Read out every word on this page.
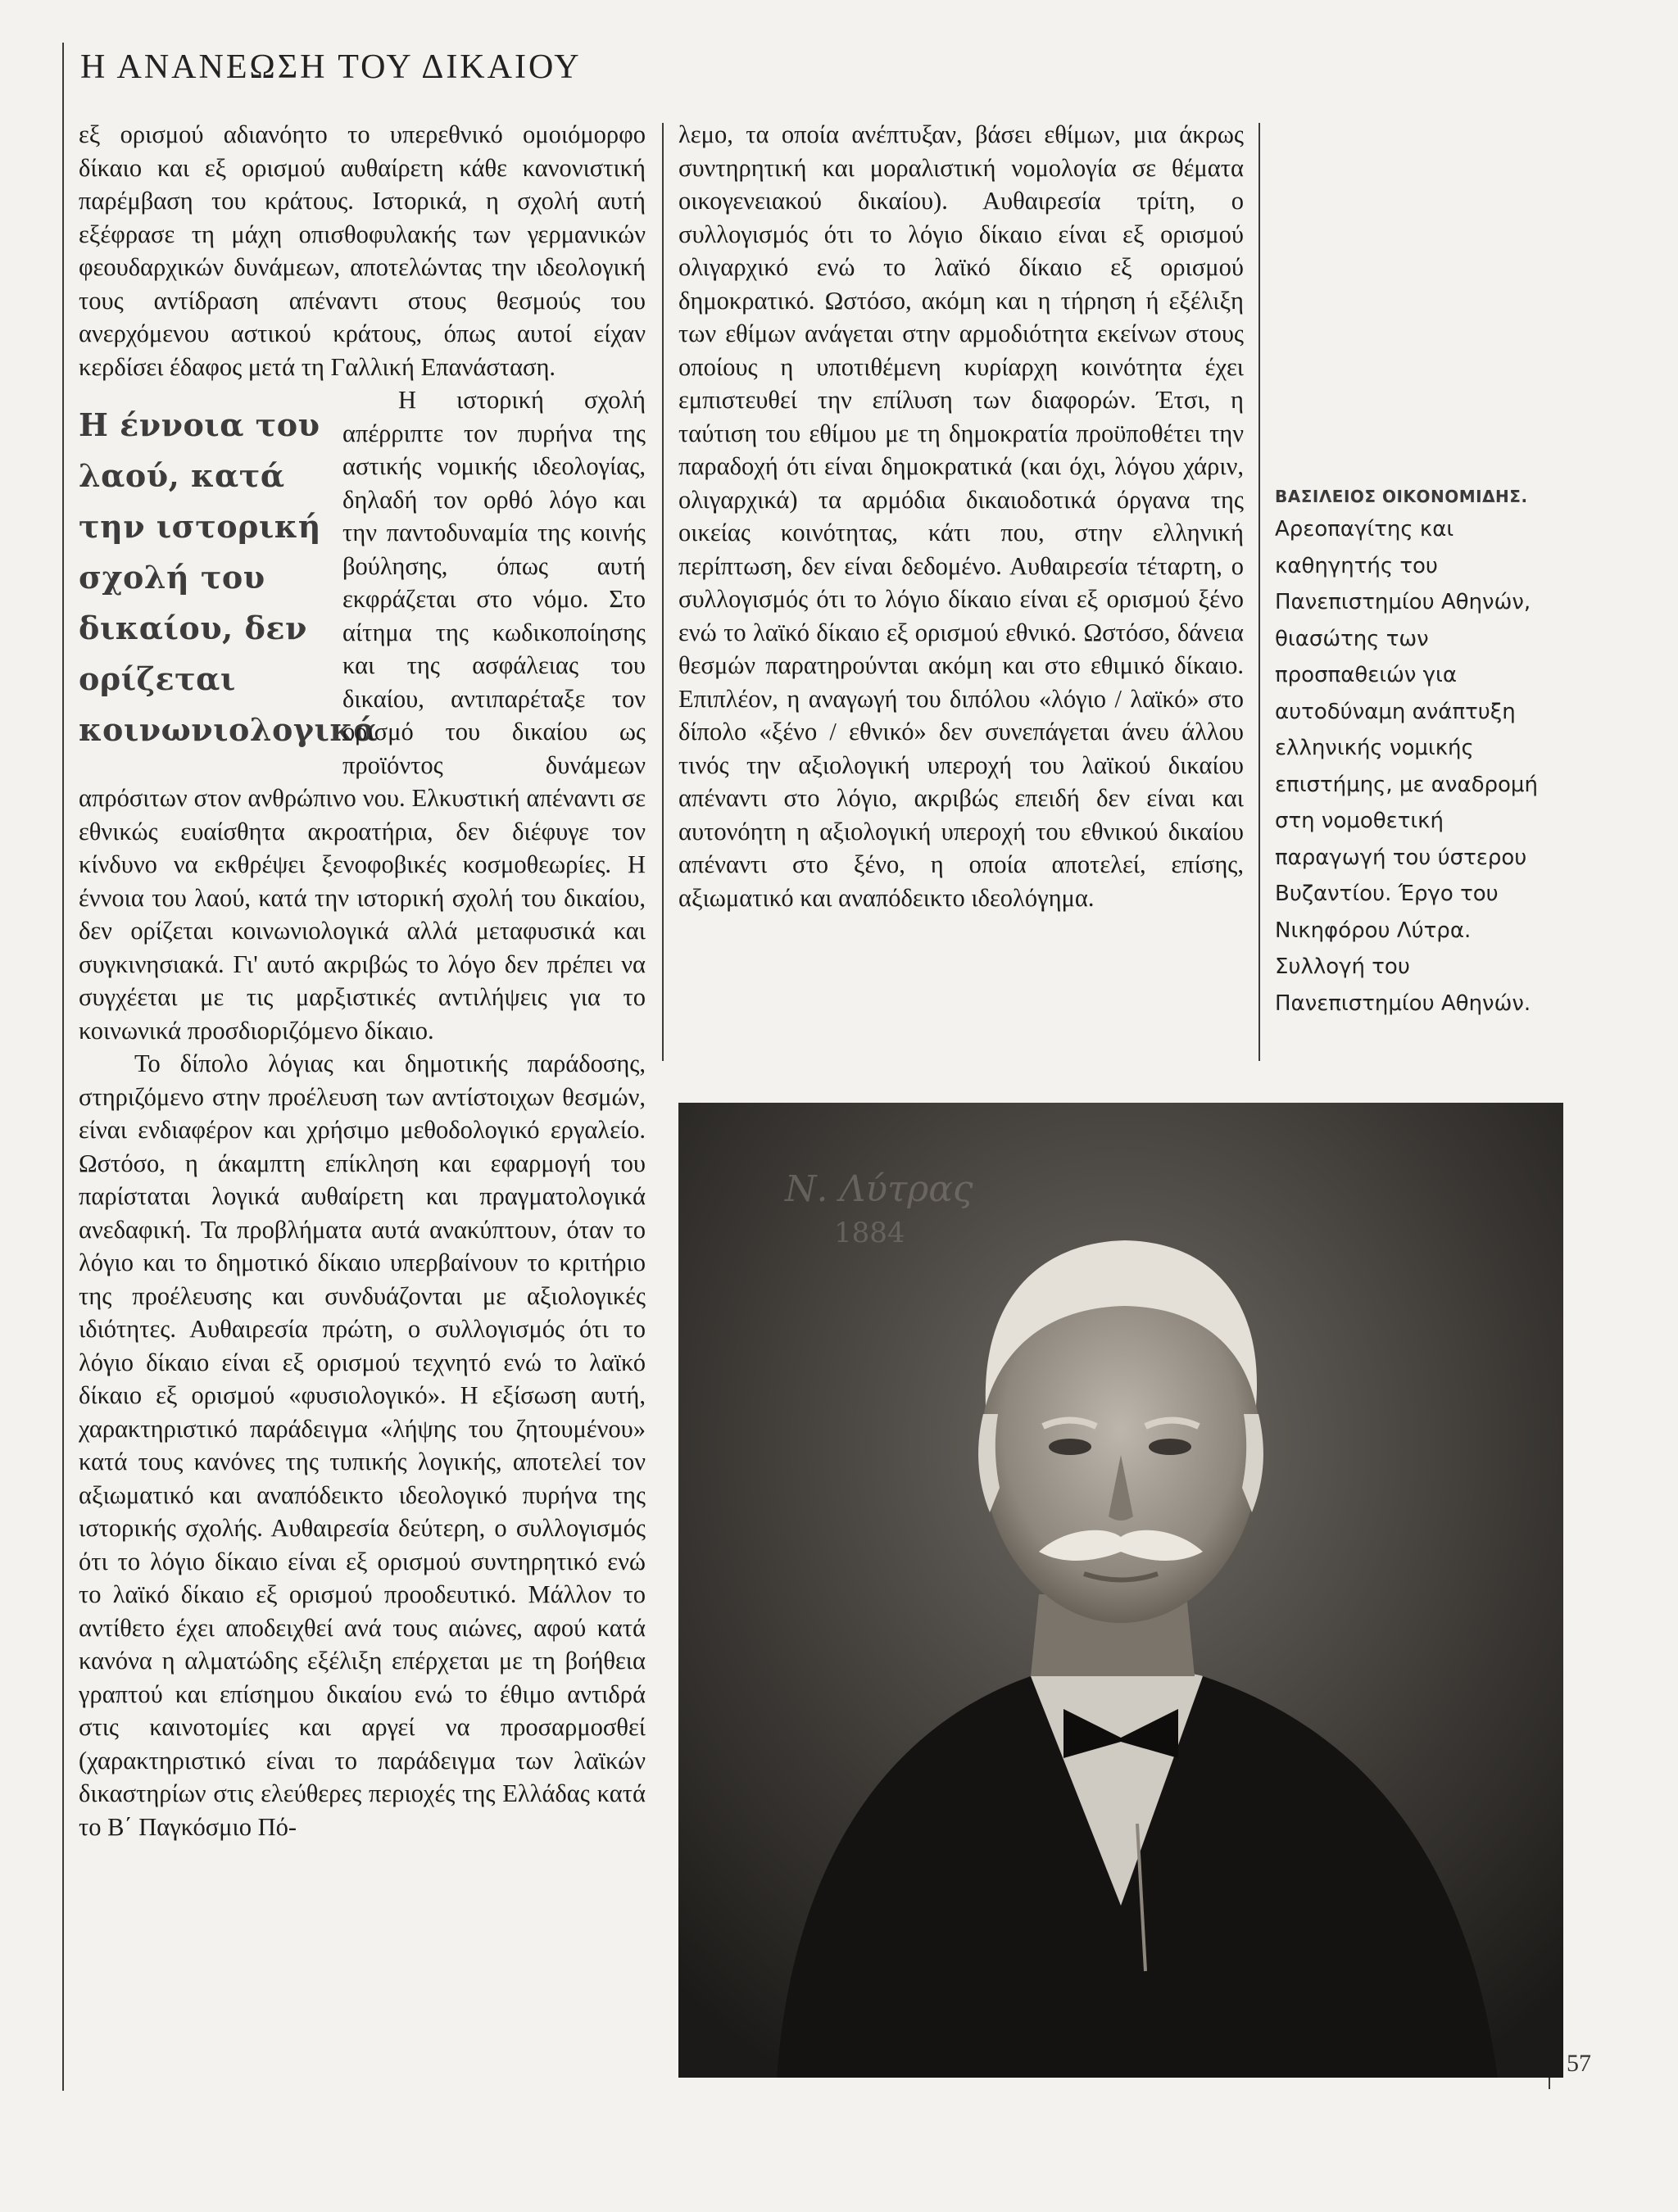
Η ΑΝΑΝΕΩΣΗ ΤΟΥ ΔΙΚΑΙΟΥ

εξ ορισμού αδιανόητο το υπερεθνικό ομοιόμορφο δίκαιο και εξ ορισμού αυθαίρετη κάθε κανονιστική παρέμβαση του κράτους. Ιστορικά, η σχολή αυτή εξέφρασε τη μάχη οπισθοφυλακής των γερμανικών φεουδαρχικών δυνάμεων, αποτελώντας την ιδεολογική τους αντίδραση απέναντι στους θεσμούς του ανερχόμενου αστικού κράτους, όπως αυτοί είχαν κερδίσει έδαφος μετά τη Γαλλική Επανάσταση.

Η έννοια του λαού, κατά την ιστορική σχολή του δικαίου, δεν ορίζεται κοινωνιολογικά

Η ιστορική σχολή απέρριπτε τον πυρήνα της αστικής νομικής ιδεολογίας, δηλαδή τον ορθό λόγο και την παντοδυναμία της κοινής βούλησης, όπως αυτή εκφράζεται στο νόμο. Στο αίτημα της κωδικοποίησης και της ασφάλειας του δικαίου, αντιπαρέταξε τον ορισμό του δικαίου ως προϊόντος δυνάμεων απρόσιτων στον ανθρώπινο νου. Ελκυστική απέναντι σε εθνικώς ευαίσθητα ακροατήρια, δεν διέφυγε τον κίνδυνο να εκθρέψει ξενοφοβικές κοσμοθεωρίες. Η έννοια του λαού, κατά την ιστορική σχολή του δικαίου, δεν ορίζεται κοινωνιολογικά αλλά μεταφυσικά και συγκινησιακά. Γι' αυτό ακριβώς το λόγο δεν πρέπει να συγχέεται με τις μαρξιστικές αντιλήψεις για το κοινωνικά προσδιοριζόμενο δίκαιο.

Το δίπολο λόγιας και δημοτικής παράδοσης, στηριζόμενο στην προέλευση των αντίστοιχων θεσμών, είναι ενδιαφέρον και χρήσιμο μεθοδολογικό εργαλείο. Ωστόσο, η άκαμπτη επίκληση και εφαρμογή του παρίσταται λογικά αυθαίρετη και πραγματολογικά ανεδαφική. Τα προβλήματα αυτά ανακύπτουν, όταν το λόγιο και το δημοτικό δίκαιο υπερβαίνουν το κριτήριο της προέλευσης και συνδυάζονται με αξιολογικές ιδιότητες. Αυθαιρεσία πρώτη, ο συλλογισμός ότι το λόγιο δίκαιο είναι εξ ορισμού τεχνητό ενώ το λαϊκό δίκαιο εξ ορισμού «φυσιολογικό». Η εξίσωση αυτή, χαρακτηριστικό παράδειγμα «λήψης του ζητουμένου» κατά τους κανόνες της τυπικής λογικής, αποτελεί τον αξιωματικό και αναπόδεικτο ιδεολογικό πυρήνα της ιστορικής σχολής. Αυθαιρεσία δεύτερη, ο συλλογισμός ότι το λόγιο δίκαιο είναι εξ ορισμού συντηρητικό ενώ το λαϊκό δίκαιο εξ ορισμού προοδευτικό. Μάλλον το αντίθετο έχει αποδειχθεί ανά τους αιώνες, αφού κατά κανόνα η αλματώδης εξέλιξη επέρχεται με τη βοήθεια γραπτού και επίσημου δικαίου ενώ το έθιμο αντιδρά στις καινοτομίες και αργεί να προσαρμοσθεί (χαρακτηριστικό είναι το παράδειγμα των λαϊκών δικαστηρίων στις ελεύθερες περιοχές της Ελλάδας κατά το Β΄ Παγκόσμιο Πό-

λεμο, τα οποία ανέπτυξαν, βάσει εθίμων, μια άκρως συντηρητική και μοραλιστική νομολογία σε θέματα οικογενειακού δικαίου). Αυθαιρεσία τρίτη, ο συλλογισμός ότι το λόγιο δίκαιο είναι εξ ορισμού ολιγαρχικό ενώ το λαϊκό δίκαιο εξ ορισμού δημοκρατικό. Ωστόσο, ακόμη και η τήρηση ή εξέλιξη των εθίμων ανάγεται στην αρμοδιότητα εκείνων στους οποίους η υποτιθέμενη κυρίαρχη κοινότητα έχει εμπιστευθεί την επίλυση των διαφορών. Έτσι, η ταύτιση του εθίμου με τη δημοκρατία προϋποθέτει την παραδοχή ότι είναι δημοκρατικά (και όχι, λόγου χάριν, ολιγαρχικά) τα αρμόδια δικαιοδοτικά όργανα της οικείας κοινότητας, κάτι που, στην ελληνική περίπτωση, δεν είναι δεδομένο. Αυθαιρεσία τέταρτη, ο συλλογισμός ότι το λόγιο δίκαιο είναι εξ ορισμού ξένο ενώ το λαϊκό δίκαιο εξ ορισμού εθνικό. Ωστόσο, δάνεια θεσμών παρατηρούνται ακόμη και στο εθιμικό δίκαιο. Επιπλέον, η αναγωγή του διπόλου «λόγιο / λαϊκό» στο δίπολο «ξένο / εθνικό» δεν συνεπάγεται άνευ άλλου τινός την αξιολογική υπεροχή του λαϊκού δικαίου απέναντι στο λόγιο, ακριβώς επειδή δεν είναι και αυτονόητη η αξιολογική υπεροχή του εθνικού δικαίου απέναντι στο ξένο, η οποία αποτελεί, επίσης, αξιωματικό και αναπόδεικτο ιδεολόγημα.

ΒΑΣΙΛΕΙΟΣ ΟΙΚΟΝΟΜΙΔΗΣ.
Αρεοπαγίτης και καθηγητής του Πανεπιστημίου Αθηνών, θιασώτης των προσπαθειών για αυτοδύναμη ανάπτυξη ελληνικής νομικής επιστήμης, με αναδρομή στη νομοθετική παραγωγή του ύστερου Βυζαντίου. Έργο του Νικηφόρου Λύτρα. Συλλογή του Πανεπιστημίου Αθηνών.
Ν. Λύτρας
1884
57
